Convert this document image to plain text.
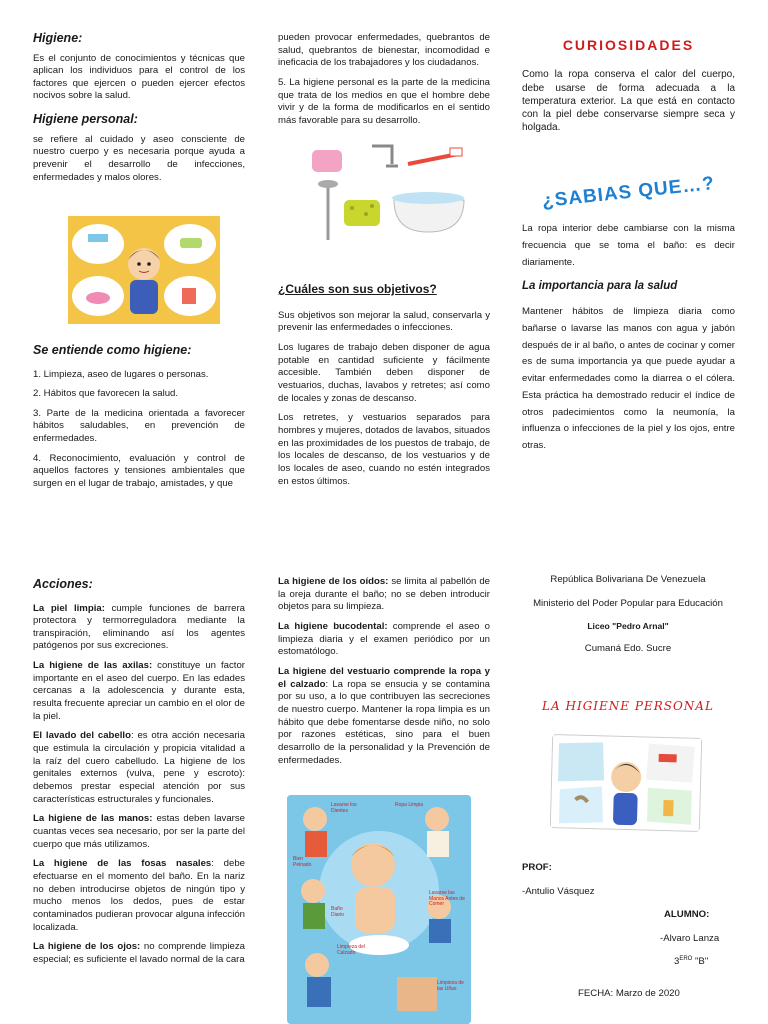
Higiene:

Es el conjunto de conocimientos y técnicas que aplican los individuos para el control de los factores que ejercen o pueden ejercer efectos nocivos sobre la salud.

Higiene personal:

se refiere al cuidado y aseo consciente de nuestro cuerpo y es necesaria porque ayuda a prevenir el desarrollo de infecciones, enfermedades y malos olores.

Se entiende como higiene:

1. Limpieza, aseo de lugares o personas.

2. Hábitos que favorecen la salud.

3. Parte de la medicina orientada a favorecer hábitos saludables, en prevención de enfermedades.

4. Reconocimiento, evaluación y control de aquellos factores y tensiones ambientales que surgen en el lugar de trabajo, amistades, y que

pueden provocar enfermedades, quebrantos de salud, quebrantos de bienestar, incomodidad e ineficacia de los trabajadores y los ciudadanos.

5. La higiene personal es la parte de la medicina que trata de los medios en que el hombre debe vivir y de la forma de modificarlos en el sentido más favorable para su desarrollo.

¿Cuáles son sus objetivos?

Sus objetivos son mejorar la salud, conservarla y prevenir las enfermedades o infecciones.

Los lugares de trabajo deben disponer de agua potable en cantidad suficiente y fácilmente accesible. También deben disponer de vestuarios, duchas, lavabos y retretes; así como de locales y zonas de descanso.

Los retretes, y vestuarios separados para hombres y mujeres, dotados de lavabos, situados en las proximidades de los puestos de trabajo, de los locales de descanso, de los vestuarios y de los locales de aseo, cuando no estén integrados en estos últimos.

CURIOSIDADES

Como la ropa conserva el calor del cuerpo, debe usarse de forma adecuada a la temperatura exterior. La que está en contacto con la piel debe conservarse siempre seca y holgada.

¿SABIAS QUE…?

La ropa interior debe cambiarse con la misma frecuencia que se toma el baño: es decir diariamente.

La importancia para la salud

Mantener hábitos de limpieza diaria como bañarse o lavarse las manos con agua y jabón después de ir al baño, o antes de cocinar y comer es de suma importancia ya que puede ayudar a evitar enfermedades como la diarrea o el cólera. Esta práctica ha demostrado reducir el índice de otros padecimientos como la neumonía, la influenza o infecciones de la piel y los ojos, entre otras.

Acciones:

La piel limpia: cumple funciones de barrera protectora y termorreguladora mediante la transpiración, eliminando así los agentes patógenos por sus excreciones.

La higiene de las axilas: constituye un factor importante en el aseo del cuerpo. En las edades cercanas a la adolescencia y durante esta, resulta frecuente apreciar un cambio en el olor de la piel.

El lavado del cabello: es otra acción necesaria que estimula la circulación y propicia vitalidad a la raíz del cuero cabelludo. La higiene de los genitales externos (vulva, pene y escroto): debemos prestar especial atención por sus características estructurales y funcionales.

La higiene de las manos: estas deben lavarse cuantas veces sea necesario, por ser la parte del cuerpo que más utilizamos.

La higiene de las fosas nasales: debe efectuarse en el momento del baño. En la nariz no deben introducirse objetos de ningún tipo y mucho menos los dedos, pues de estar contaminados pudieran provocar alguna infección localizada.

La higiene de los ojos: no comprende limpieza especial; es suficiente el lavado normal de la cara

La higiene de los oídos: se limita al pabellón de la oreja durante el baño; no se deben introducir objetos para su limpieza.

La higiene bucodental: comprende el aseo o limpieza diaria y el examen periódico por un estomatólogo.

La higiene del vestuario comprende la ropa y el calzado: La ropa se ensucia y se contamina por su uso, a lo que contribuyen las secreciones de nuestro cuerpo. Mantener la ropa limpia es un hábito que debe fomentarse desde niño, no solo por razones estéticas, sino para el buen desarrollo de la personalidad y la Prevención de enfermedades.

Lavarse los Dientes
Ropa Limpia
Bien Peinado
Baño Diario
Lavarse las Manos Antes de Comer
Limpieza del Calzado
Limpieza de las Uñas
República Bolivariana De Venezuela
Ministerio del Poder Popular para Educación
Liceo "Pedro Arnal"
Cumaná Edo. Sucre
LA HIGIENE PERSONAL
PROF:
-Antulio Vásquez
ALUMNO:
-Alvaro Lanza
$3^{ERO}$ "B"
FECHA: Marzo de 2020
